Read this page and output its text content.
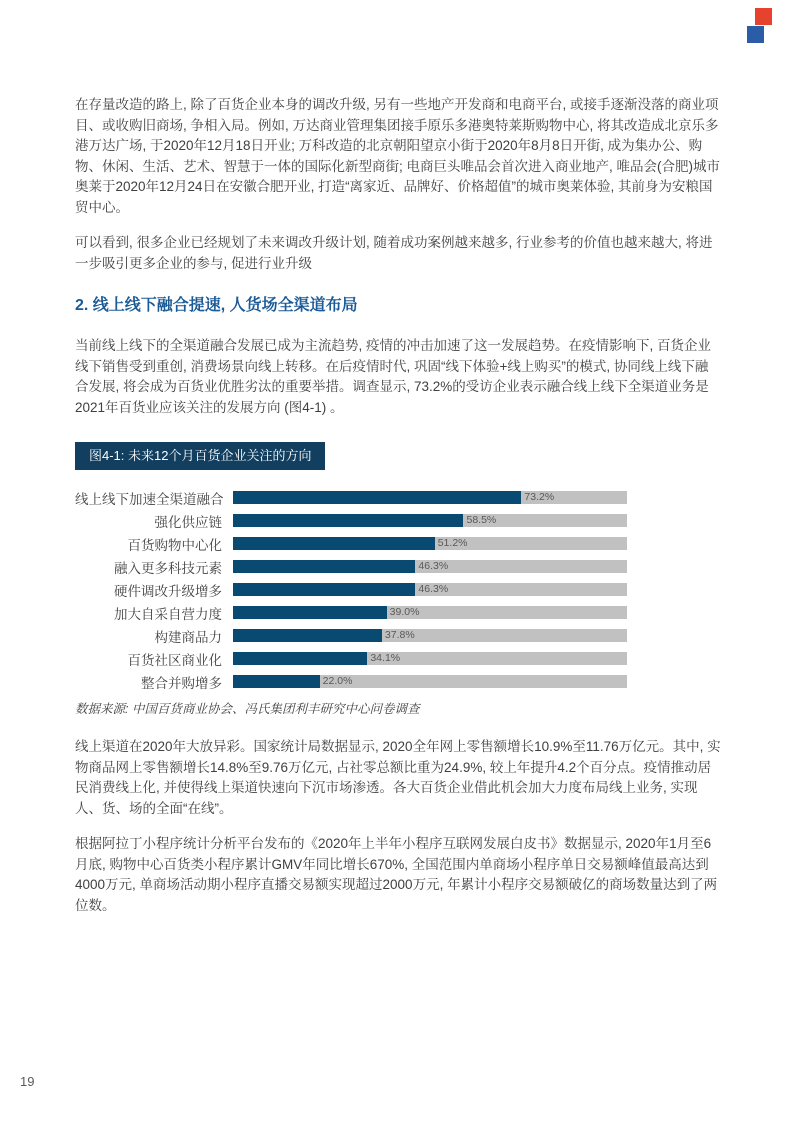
在存量改造的路上, 除了百货企业本身的调改升级, 另有一些地产开发商和电商平台, 或接手逐渐没落的商业项目、或收购旧商场, 争相入局。例如, 万达商业管理集团接手原乐多港奥特莱斯购物中心, 将其改造成北京乐多港万达广场, 于2020年12月18日开业; 万科改造的北京朝阳望京小街于2020年8月8日开街, 成为集办公、购物、休闲、生活、艺术、智慧于一体的国际化新型商街; 电商巨头唯品会首次进入商业地产, 唯品会(合肥)城市奥莱于2020年12月24日在安徽合肥开业, 打造“离家近、品牌好、价格超值”的城市奥莱体验, 其前身为安粮国贸中心。

可以看到, 很多企业已经规划了未来调改升级计划, 随着成功案例越来越多, 行业参考的价值也越来越大, 将进一步吸引更多企业的参与, 促进行业升级

2. 线上线下融合提速, 人货场全渠道布局

当前线上线下的全渠道融合发展已成为主流趋势, 疫情的冲击加速了这一发展趋势。在疫情影响下, 百货企业线下销售受到重创, 消费场景向线上转移。在后疫情时代, 巩固“线下体验+线上购买”的模式, 协同线上线下融合发展, 将会成为百货业优胜劣汰的重要举措。调查显示, 73.2%的受访企业表示融合线上线下全渠道业务是2021年百货业应该关注的发展方向 (图4-1) 。

图4-1: 未来12个月百货企业关注的方向
线上线下加速全渠道融合	73.2%
强化供应链	58.5%
百货购物中心化	51.2%
融入更多科技元素	46.3%
硬件调改升级增多	46.3%
加大自采自营力度	39.0%
构建商品力	37.8%
百货社区商业化	34.1%
整合并购增多	22.0%

数据来源: 中国百货商业协会、冯氏集团利丰研究中心问卷调查

线上渠道在2020年大放异彩。国家统计局数据显示, 2020全年网上零售额增长10.9%至11.76万亿元。其中, 实物商品网上零售额增长14.8%至9.76万亿元, 占社零总额比重为24.9%, 较上年提升4.2个百分点。疫情推动居民消费线上化, 并使得线上渠道快速向下沉市场渗透。各大百货企业借此机会加大力度布局线上业务, 实现人、货、场的全面“在线”。

根据阿拉丁小程序统计分析平台发布的《2020年上半年小程序互联网发展白皮书》数据显示, 2020年1月至6月底, 购物中心百货类小程序累计GMV年同比增长670%, 全国范围内单商场小程序单日交易额峰值最高达到4000万元, 单商场活动期小程序直播交易额实现超过2000万元, 年累计小程序交易额破亿的商场数量达到了两位数。

19
